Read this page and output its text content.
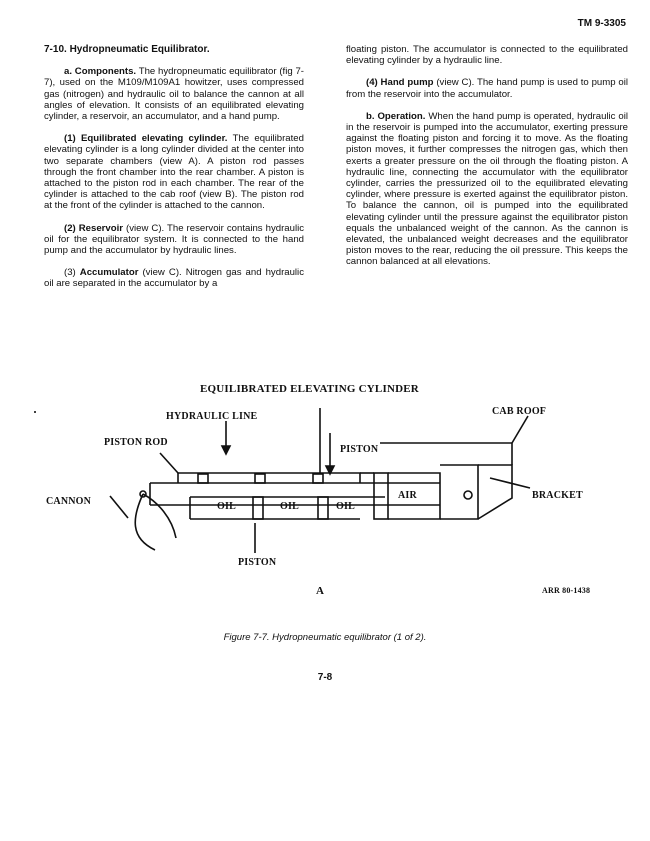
TM 9-3305
7-10. Hydropneumatic Equilibrator.

a. Components. The hydropneumatic equilibrator (fig 7-7), used on the M109/M109A1 howitzer, uses compressed gas (nitrogen) and hydraulic oil to balance the cannon at all angles of elevation. It consists of an equilibrated elevating cylinder, a reservoir, an accumulator, and a hand pump.

(1) Equilibrated elevating cylinder. The equilibrated elevating cylinder is a long cylinder divided at the center into two separate chambers (view A). A piston rod passes through the front chamber into the rear chamber. A piston is attached to the piston rod in each chamber. The rear of the cylinder is attached to the cab roof (view B). The piston rod at the front of the cylinder is attached to the cannon.

(2) Reservoir (view C). The reservoir contains hydraulic oil for the equilibrator system. It is connected to the hand pump and the accumulator by hydraulic lines.

(3) Accumulator (view C). Nitrogen gas and hydraulic oil are separated in the accumulator by a

floating piston. The accumulator is connected to the equilibrated elevating cylinder by a hydraulic line.

(4) Hand pump (view C). The hand pump is used to pump oil from the reservoir into the accumulator.

b. Operation. When the hand pump is operated, hydraulic oil in the reservoir is pumped into the accumulator, exerting pressure against the floating piston and forcing it to move. As the floating piston moves, it further compresses the nitrogen gas, which then exerts a greater pressure on the oil through the floating piston. A hydraulic line, connecting the accumulator with the equilibrator cylinder, carries the pressurized oil to the equilibrated elevating cylinder, where pressure is exerted against the equilibrator piston. To balance the cannon, oil is pumped into the equilibrated elevating cylinder until the pressure against the equilibrator piston equals the unbalanced weight of the cannon. As the cannon is elevated, the unbalanced weight decreases and the equilibrator piston moves to the rear, reducing the oil pressure. This keeps the cannon balanced at all elevations.

EQUILIBRATED ELEVATING CYLINDER
HYDRAULIC LINE	CAB ROOF
PISTON ROD
PISTON
CANNON
AIR	BRACKET
OIL	OIL	OIL
PISTON
A	ARR 80-1438
Figure 7-7. Hydropneumatic equilibrator (1 of 2).
7-8
